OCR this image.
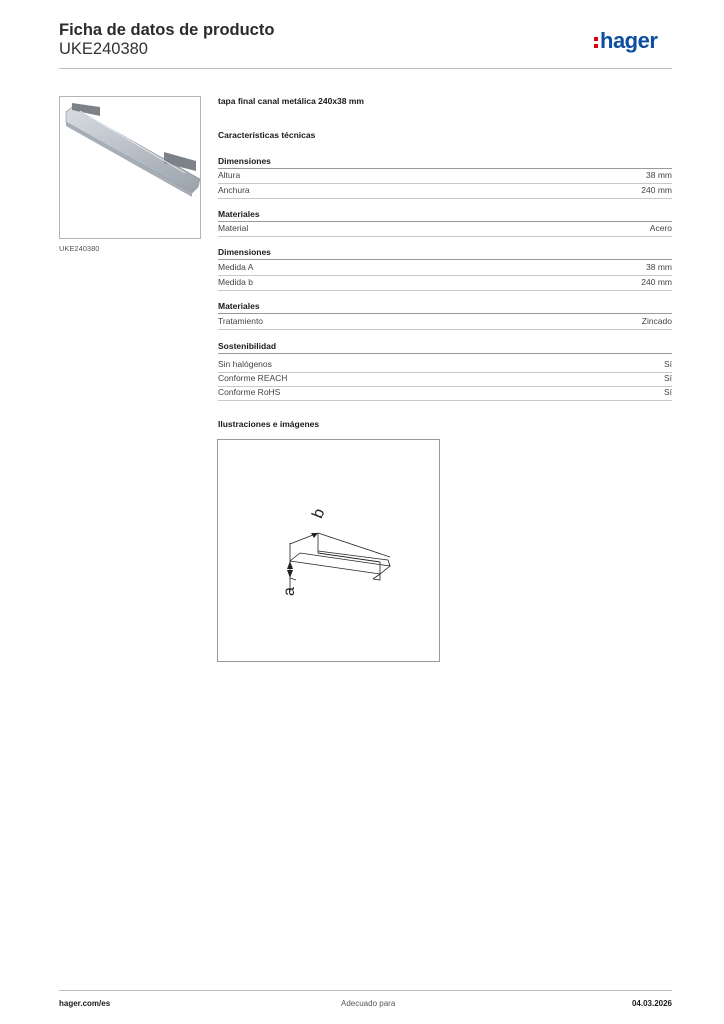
Ficha de datos de producto
UKE240380	hager
UKE240380
tapa final canal metálica 240x38 mm
Características técnicas
Dimensiones
Altura	38 mm
Anchura	240 mm
Materiales
Material	Acero
Dimensiones
Medida A	38 mm
Medida b	240 mm
Materiales
Tratamiento	Zincado
Sostenibilidad
Sin halógenos	Sí
Conforme REACH	Sí
Conforme RoHS	Sí
Ilustraciones e imágenes
b
a
hager.com/es	Adecuado para	04.03.2026
